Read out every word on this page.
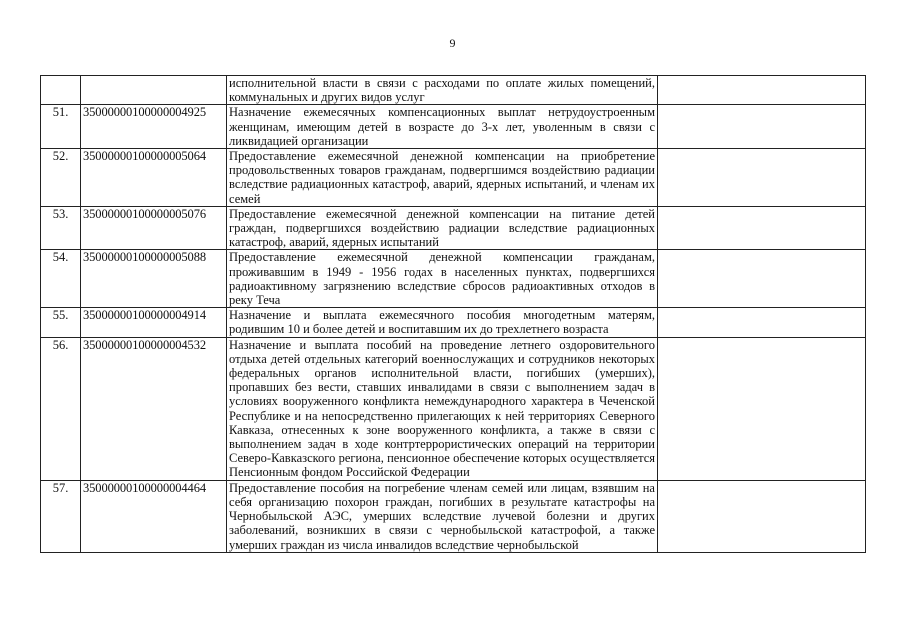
9
		исполнительной власти в связи с расходами по оплате жилых помещений, коммунальных и других видов услуг	
51.	35000000100000004925	Назначение ежемесячных компенсационных выплат нетрудоустроенным женщинам, имеющим детей в возрасте до 3-х лет, уволенным в связи с ликвидацией организации	
52.	35000000100000005064	Предоставление ежемесячной денежной компенсации на приобретение продовольственных товаров гражданам, подвергшимся воздействию радиации вследствие радиационных катастроф, аварий, ядерных испытаний, и членам их семей	
53.	35000000100000005076	Предоставление ежемесячной денежной компенсации на питание детей граждан, подвергшихся воздействию радиации вследствие радиационных катастроф, аварий, ядерных испытаний	
54.	35000000100000005088	Предоставление ежемесячной денежной компенсации гражданам, проживавшим в 1949 - 1956 годах в населенных пунктах, подвергшихся радиоактивному загрязнению вследствие сбросов радиоактивных отходов в реку Теча	
55.	35000000100000004914	Назначение и выплата ежемесячного пособия многодетным матерям, родившим 10 и более детей и воспитавшим их до трехлетнего возраста	
56.	35000000100000004532	Назначение и выплата пособий на проведение летнего оздоровительного отдыха детей отдельных категорий военнослужащих и сотрудников некоторых федеральных органов исполнительной власти, погибших (умерших), пропавших без вести, ставших инвалидами в связи с выполнением задач в условиях вооруженного конфликта немеждународного характера в Чеченской Республике и на непосредственно прилегающих к ней территориях Северного Кавказа, отнесенных к зоне вооруженного конфликта, а также в связи с выполнением задач в ходе контртеррористических операций на территории Северо-Кавказского региона, пенсионное обеспечение которых осуществляется Пенсионным фондом Российской Федерации	
57.	35000000100000004464	Предоставление пособия на погребение членам семей или лицам, взявшим на себя организацию похорон граждан, погибших в результате катастрофы на Чернобыльской АЭС, умерших вследствие лучевой болезни и других заболеваний, возникших в связи с чернобыльской катастрофой, а также умерших граждан из числа инвалидов вследствие чернобыльской	
